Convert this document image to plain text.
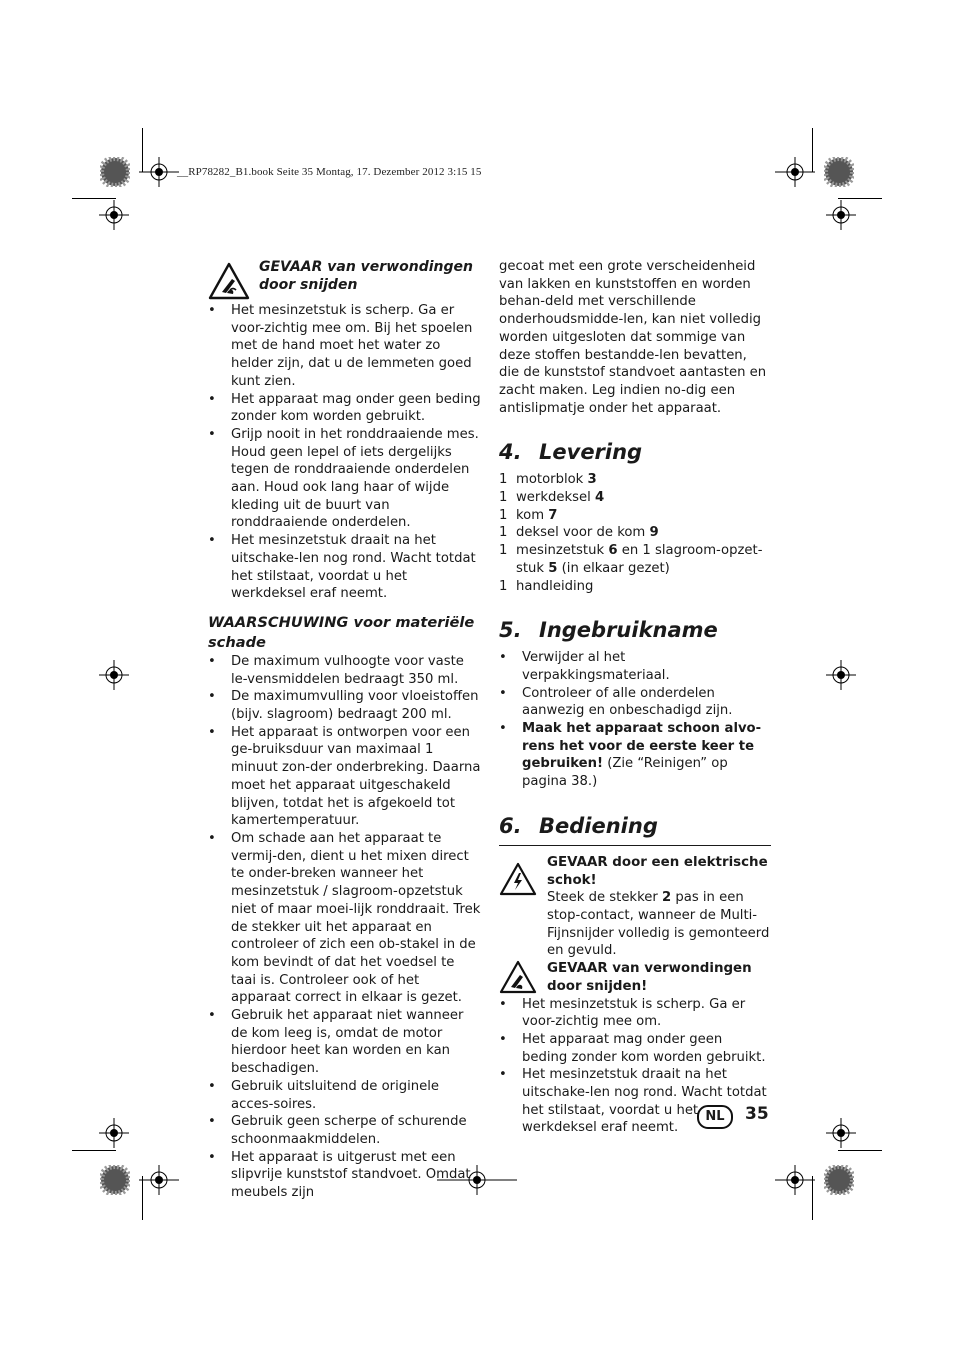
__RP78282_B1.book Seite 35 Montag, 17. Dezember 2012 3:15 15
GEVAAR van verwondingen door snijden
• Het mesinzetstuk is scherp. Ga er voor-zichtig mee om. Bij het spoelen met de hand moet het water zo helder zijn, dat u de lemmeten goed kunt zien.
• Het apparaat mag onder geen beding zonder kom worden gebruikt.
• Grijp nooit in het ronddraaiende mes. Houd geen lepel of iets dergelijks tegen de ronddraaiende onderdelen aan. Houd ook lang haar of wijde kleding uit de buurt van ronddraaiende onderdelen.
• Het mesinzetstuk draait na het uitschake-len nog rond. Wacht totdat het stilstaat, voordat u het werkdeksel eraf neemt.
WAARSCHUWING voor materiële schade
• De maximum vulhoogte voor vaste le-vensmiddelen bedraagt 350 ml.
• De maximumvulling voor vloeistoffen (bijv. slagroom) bedraagt 200 ml.
• Het apparaat is ontworpen voor een ge-bruiksduur van maximaal 1 minuut zon-der onderbreking. Daarna moet het apparaat uitgeschakeld blijven, totdat het is afgekoeld tot kamertemperatuur.
• Om schade aan het apparaat te vermij-den, dient u het mixen direct te onder-breken wanneer het mesinzetstuk / slagroom-opzetstuk niet of maar moei-lijk ronddraait. Trek de stekker uit het apparaat en controleer of zich een ob-stakel in de kom bevindt of dat het voedsel te taai is. Controleer ook of het apparaat correct in elkaar is gezet.
• Gebruik het apparaat niet wanneer de kom leeg is, omdat de motor hierdoor heet kan worden en kan beschadigen.
• Gebruik uitsluitend de originele acces-soires.
• Gebruik geen scherpe of schurende schoonmaakmiddelen.
• Het apparaat is uitgerust met een slipvrije kunststof standvoet. Omdat meubels zijn

gecoat met een grote verscheidenheid van lakken en kunststoffen en worden behan-deld met verschillende onderhoudsmidde-len, kan niet volledig worden uitgesloten dat sommige van deze stoffen bestandde-len bevatten, die de kunststof standvoet aantasten en zacht maken. Leg indien no-dig een antislipmatje onder het apparaat.

4. Levering
1 motorblok 3
1 werkdeksel 4
1 kom 7
1 deksel voor de kom 9
1 mesinzetstuk 6 en 1 slagroom-opzet-stuk 5 (in elkaar gezet)
1 handleiding
5. Ingebruikname
• Verwijder al het verpakkingsmateriaal.
• Controleer of alle onderdelen aanwezig en onbeschadigd zijn.
• Maak het apparaat schoon alvo-rens het voor de eerste keer te gebruiken! (Zie “Reinigen” op pagina 38.)
6. Bediening
GEVAAR door een elektrische schok!
Steek de stekker 2 pas in een stop-contact, wanneer de Multi-Fijnsnijder volledig is gemonteerd en gevuld.
GEVAAR van verwondingen door snijden!
• Het mesinzetstuk is scherp. Ga er voor-zichtig mee om.
• Het apparaat mag onder geen beding zonder kom worden gebruikt.
• Het mesinzetstuk draait na het uitschake-len nog rond. Wacht totdat het stilstaat, voordat u het werkdeksel eraf neemt.
NL	35
